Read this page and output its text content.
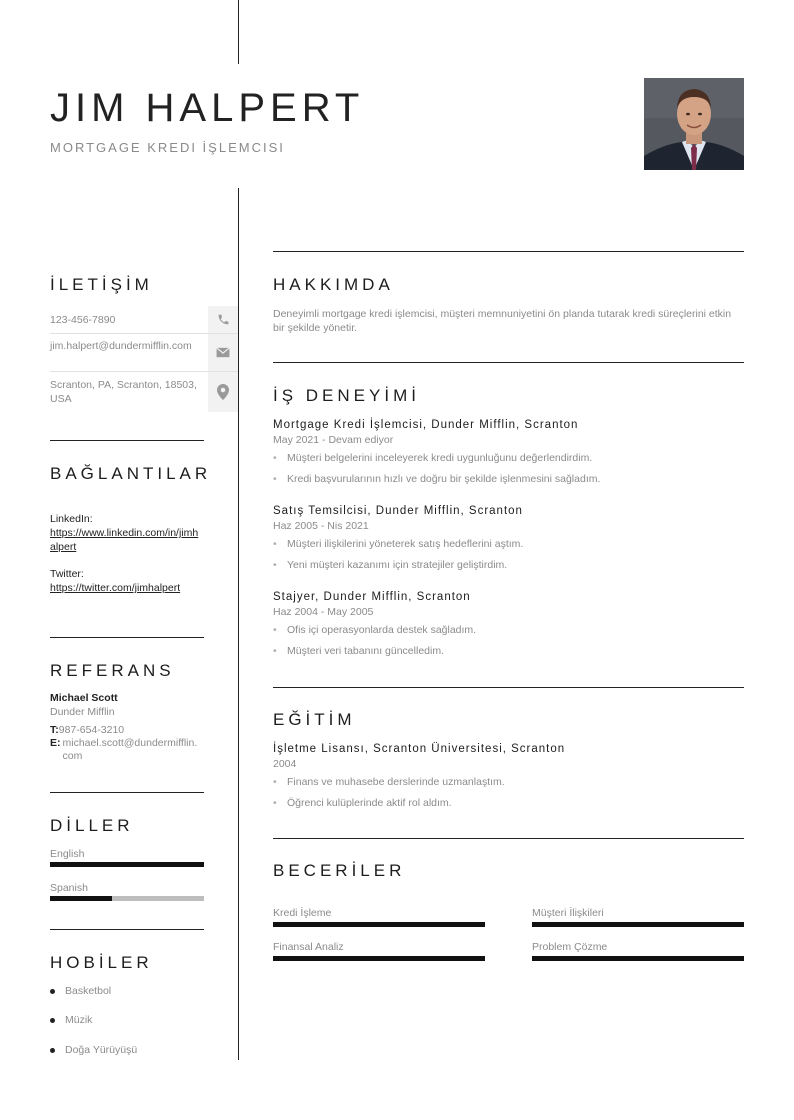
JIM HALPERT
MORTGAGE KREDI İŞLEMCISI
İLETİŞİM
123-456-7890
jim.halpert@dundermifflin.com
Scranton, PA, Scranton, 18503, USA
BAĞLANTILAR
LinkedIn:
https://www.linkedin.com/in/jimhalpert
Twitter:
https://twitter.com/jimhalpert
REFERANS
Michael Scott
Dunder Mifflin
T:987-654-3210
E: michael.scott@dundermifflin.com
DİLLER
English
Spanish
HOBİLER
Basketbol
Müzik
Doğa Yürüyüşü
HAKKIMDA
Deneyimli mortgage kredi işlemcisi, müşteri memnuniyetini ön planda tutarak kredi süreçlerini etkin bir şekilde yönetir.
İŞ DENEYİMİ
Mortgage Kredi İşlemcisi, Dunder Mifflin, Scranton
May 2021 - Devam ediyor
• Müşteri belgelerini inceleyerek kredi uygunluğunu değerlendirdim.
• Kredi başvurularının hızlı ve doğru bir şekilde işlenmesini sağladım.
Satış Temsilcisi, Dunder Mifflin, Scranton
Haz 2005 - Nis 2021
• Müşteri ilişkilerini yöneterek satış hedeflerini aştım.
• Yeni müşteri kazanımı için stratejiler geliştirdim.
Stajyer, Dunder Mifflin, Scranton
Haz 2004 - May 2005
• Ofis içi operasyonlarda destek sağladım.
• Müşteri veri tabanını güncelledim.
EĞİTİM
İşletme Lisansı, Scranton Üniversitesi, Scranton
2004
• Finans ve muhasebe derslerinde uzmanlaştım.
• Öğrenci kulüplerinde aktif rol aldım.
BECERİLER
Kredi İşleme	Müşteri İlişkileri
Finansal Analiz	Problem Çözme
